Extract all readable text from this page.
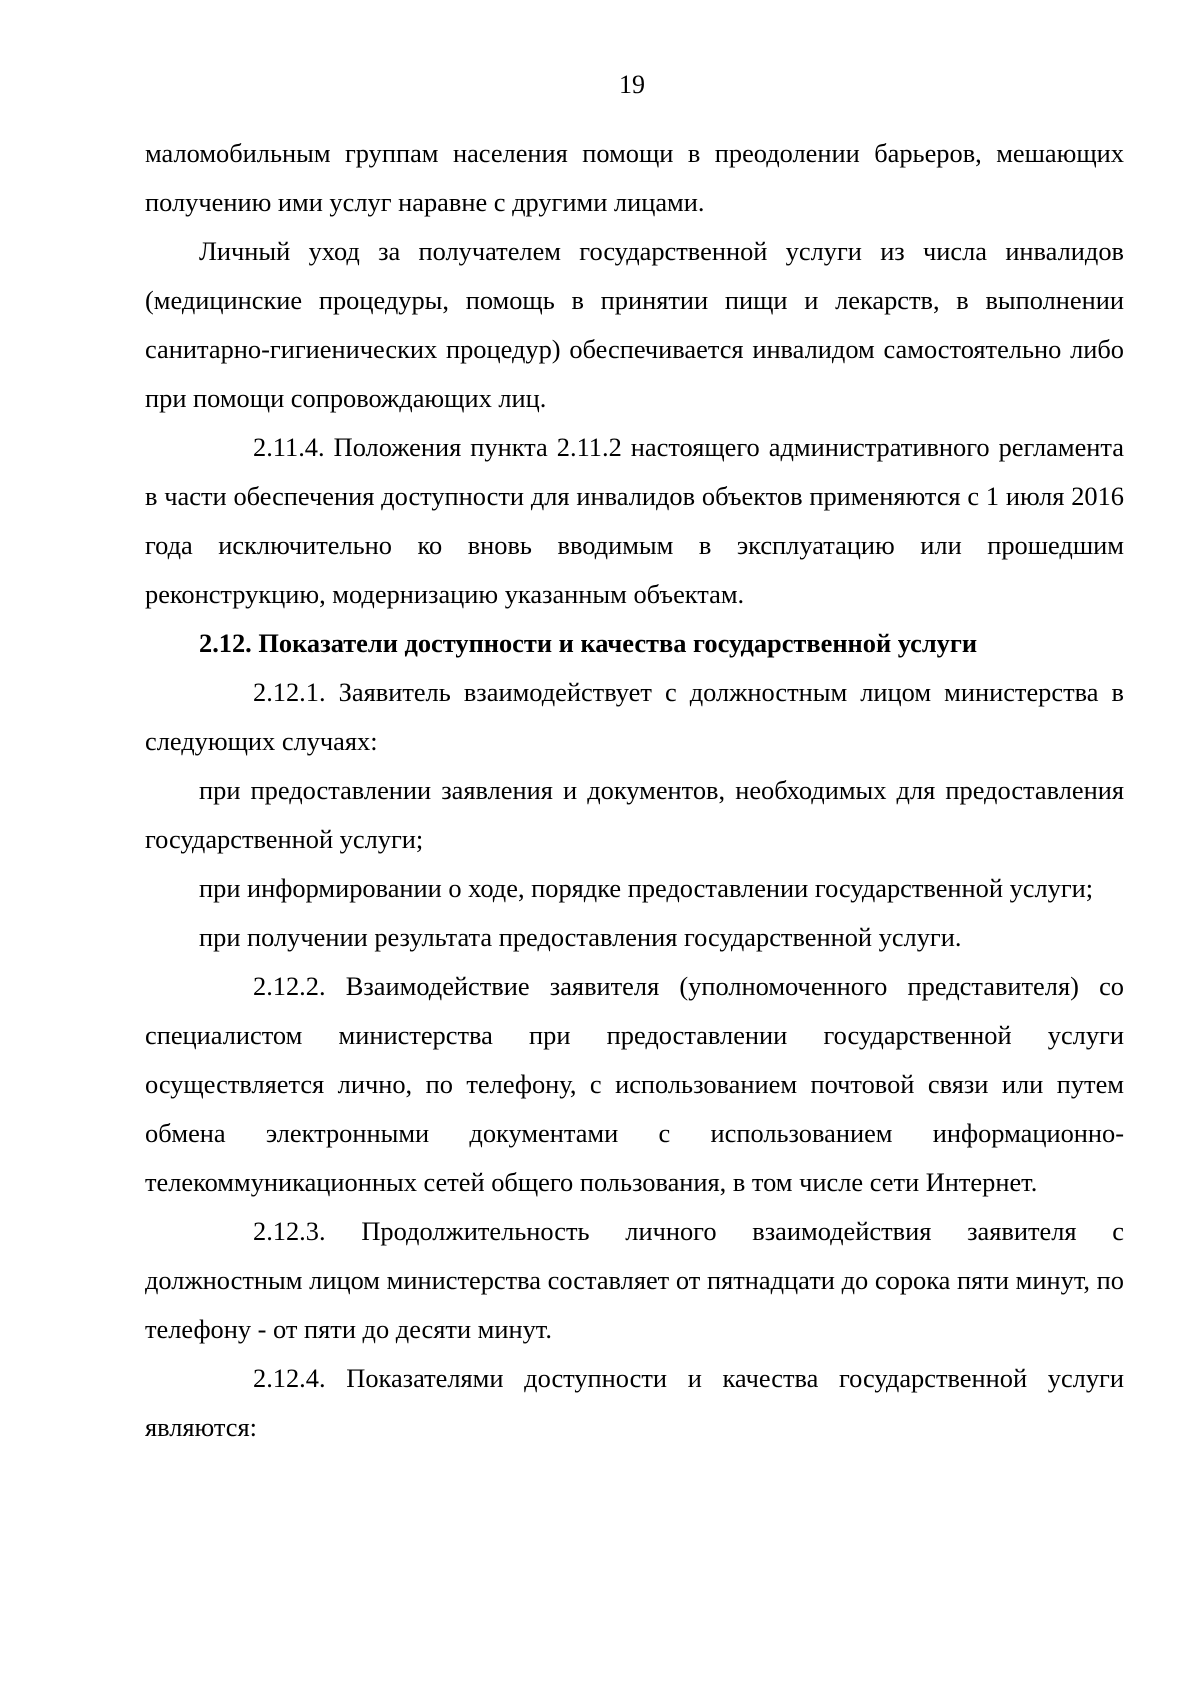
19

маломобильным группам населения помощи в преодолении барьеров, мешающих получению ими услуг наравне с другими лицами.

Личный уход за получателем государственной услуги из числа инвалидов (медицинские процедуры, помощь в принятии пищи и лекарств, в выполнении санитарно-гигиенических процедур) обеспечивается инвалидом самостоятельно либо при помощи сопровождающих лиц.

2.11.4. Положения пункта 2.11.2 настоящего административного регламента в части обеспечения доступности для инвалидов объектов применяются с 1 июля 2016 года исключительно ко вновь вводимым в эксплуатацию или прошедшим реконструкцию, модернизацию указанным объектам.

2.12. Показатели доступности и качества государственной услуги

2.12.1. Заявитель взаимодействует с должностным лицом министерства в следующих случаях:

при предоставлении заявления и документов, необходимых для предоставления государственной услуги;

при информировании о ходе, порядке предоставлении государственной услуги;

при получении результата предоставления государственной услуги.

2.12.2. Взаимодействие заявителя (уполномоченного представителя) со специалистом министерства при предоставлении государственной услуги осуществляется лично, по телефону, с использованием почтовой связи или путем обмена электронными документами с использованием информационно-телекоммуникационных сетей общего пользования, в том числе сети Интернет.

2.12.3. Продолжительность личного взаимодействия заявителя с должностным лицом министерства составляет от пятнадцати до сорока пяти минут, по телефону - от пяти до десяти минут.

2.12.4. Показателями доступности и качества государственной услуги являются:
